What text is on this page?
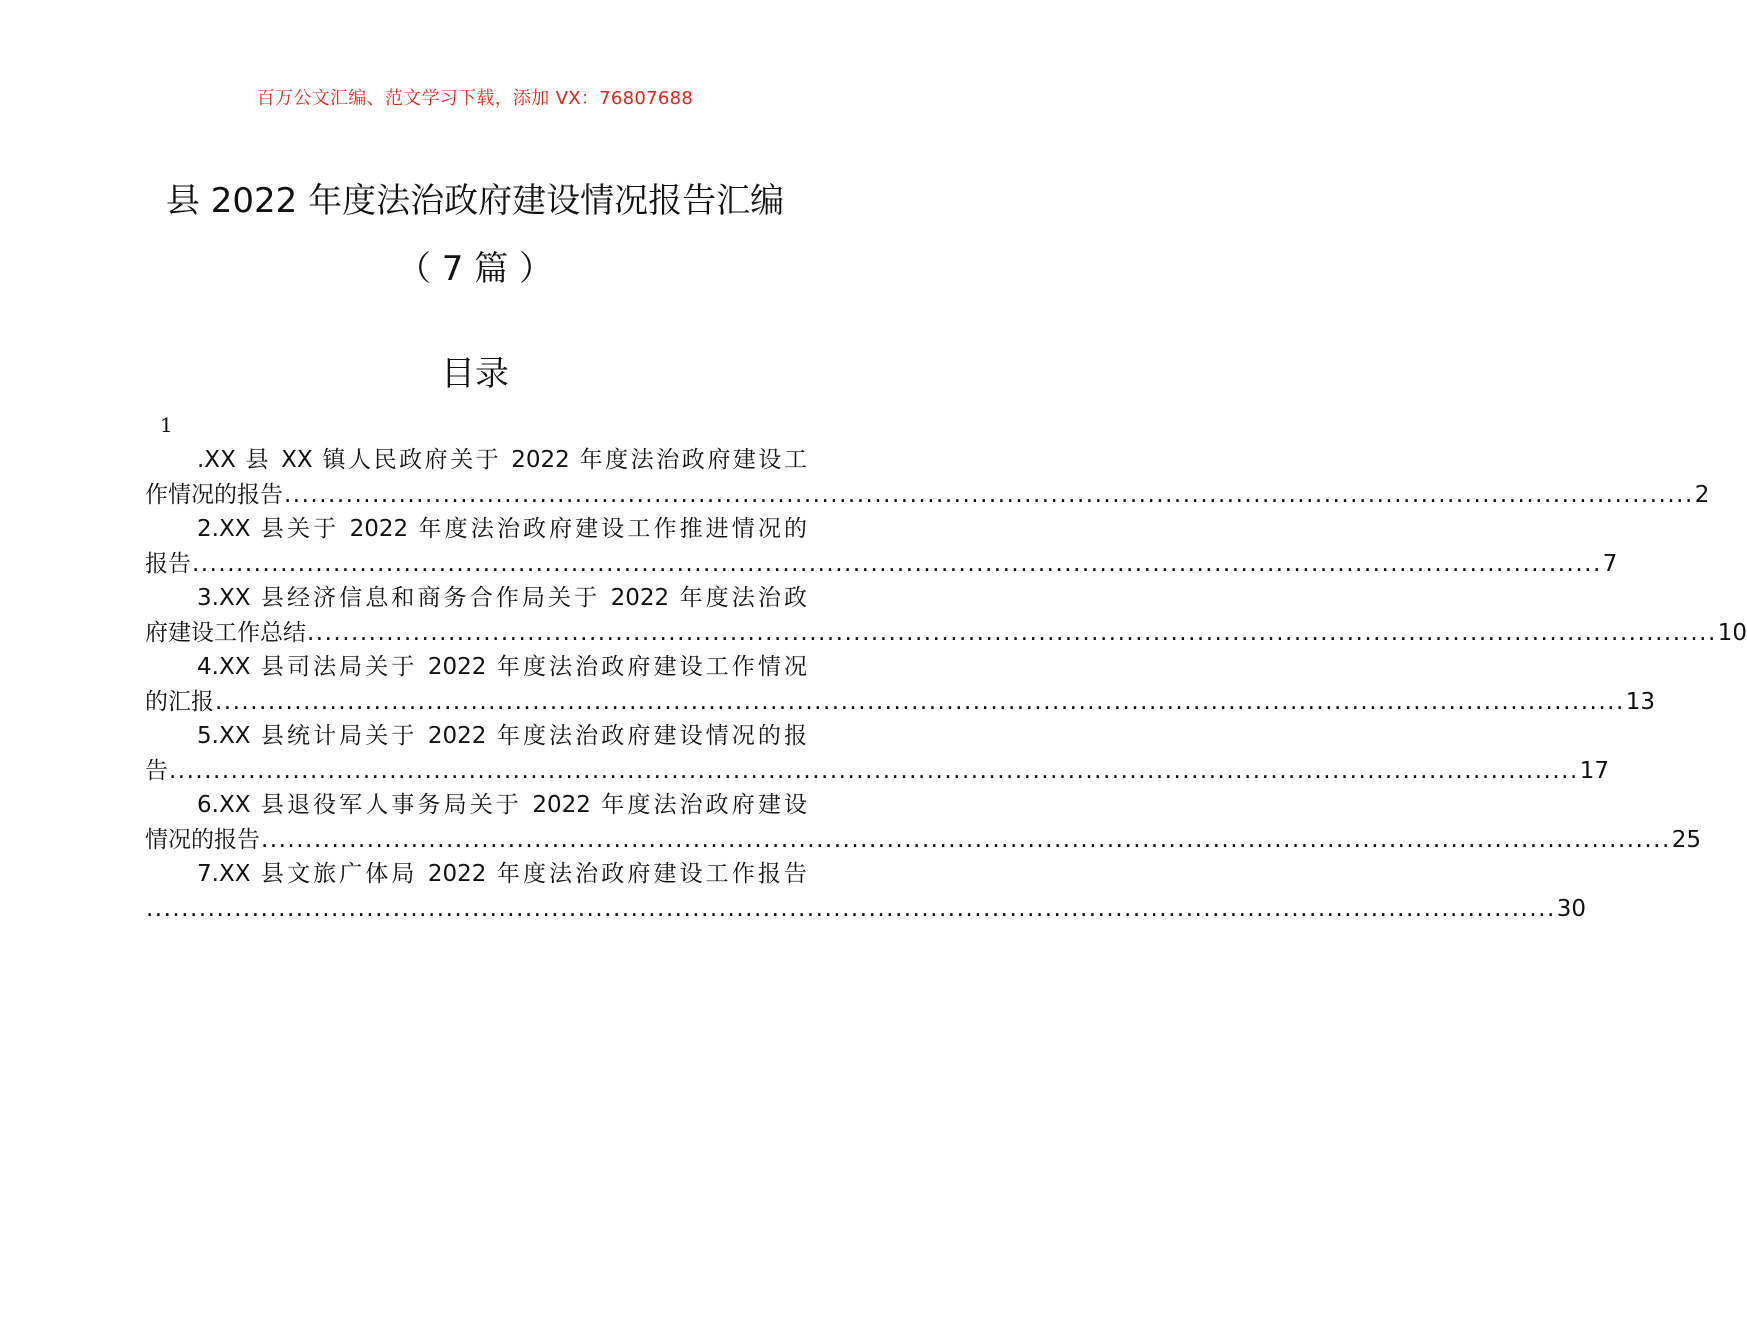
百万公文汇编、范文学习下载，添加 VX：76807688
县 2022 年度法治政府建设情况报告汇编
（ 7 篇 ）
目录
1
.XX 县 XX 镇人民政府关于 2022 年度法治政府建设工
作情况的报告 ................................................................................................................................................................ 2
2.XX 县关于 2022 年度法治政府建设工作推进情况的
报告 ................................................................................................................................................................ 7
3.XX 县经济信息和商务合作局关于 2022 年度法治政
府建设工作总结 ................................................................................................................................................................ 10
4.XX 县司法局关于 2022 年度法治政府建设工作情况
的汇报 ................................................................................................................................................................ 13
5.XX 县统计局关于 2022 年度法治政府建设情况的报
告 ................................................................................................................................................................ 17
6.XX 县退役军人事务局关于 2022 年度法治政府建设
情况的报告 ................................................................................................................................................................ 25
7.XX 县文旅广体局 2022 年度法治政府建设工作报告
................................................................................................................................................................ 30
